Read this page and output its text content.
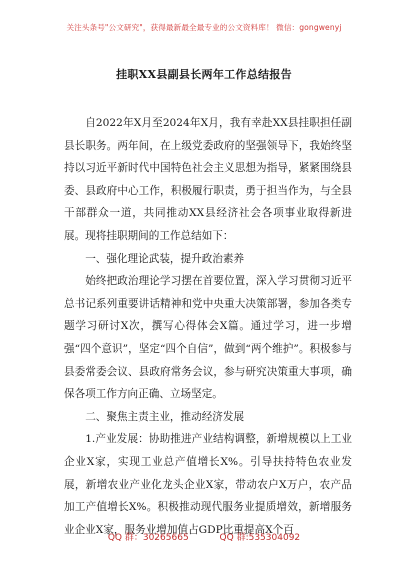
关注头条号"公文研究"，获得最新最全最专业的公文资料库！ 微信：gongwenyj
挂职XX县副县长两年工作总结报告

自2022年X月至2024年X月，我有幸赴XX县挂职担任副县长职务。两年间，在上级党委政府的坚强领导下，我始终坚持以习近平新时代中国特色社会主义思想为指导，紧紧围绕县委、县政府中心工作，积极履行职责，勇于担当作为，与全县干部群众一道，共同推动XX县经济社会各项事业取得新进展。现将挂职期间的工作总结如下：

一、强化理论武装，提升政治素养

始终把政治理论学习摆在首要位置，深入学习贯彻习近平总书记系列重要讲话精神和党中央重大决策部署，参加各类专题学习研讨X次，撰写心得体会X篇。通过学习，进一步增强“四个意识”，坚定“四个自信”，做到“两个维护”。积极参与县委常委会议、县政府常务会议，参与研究决策重大事项，确保各项工作方向正确、立场坚定。

二、聚焦主责主业，推动经济发展

1.产业发展：协助推进产业结构调整，新增规模以上工业企业X家，实现工业总产值增长X%。引导扶持特色农业发展，新增农业产业化龙头企业X家，带动农户X万户，农产品加工产值增长X%。积极推动现代服务业提质增效，新增服务业企业X家，服务业增加值占GDP比重提高X个百

QQ 群：30265665	QQ 群:535304092
